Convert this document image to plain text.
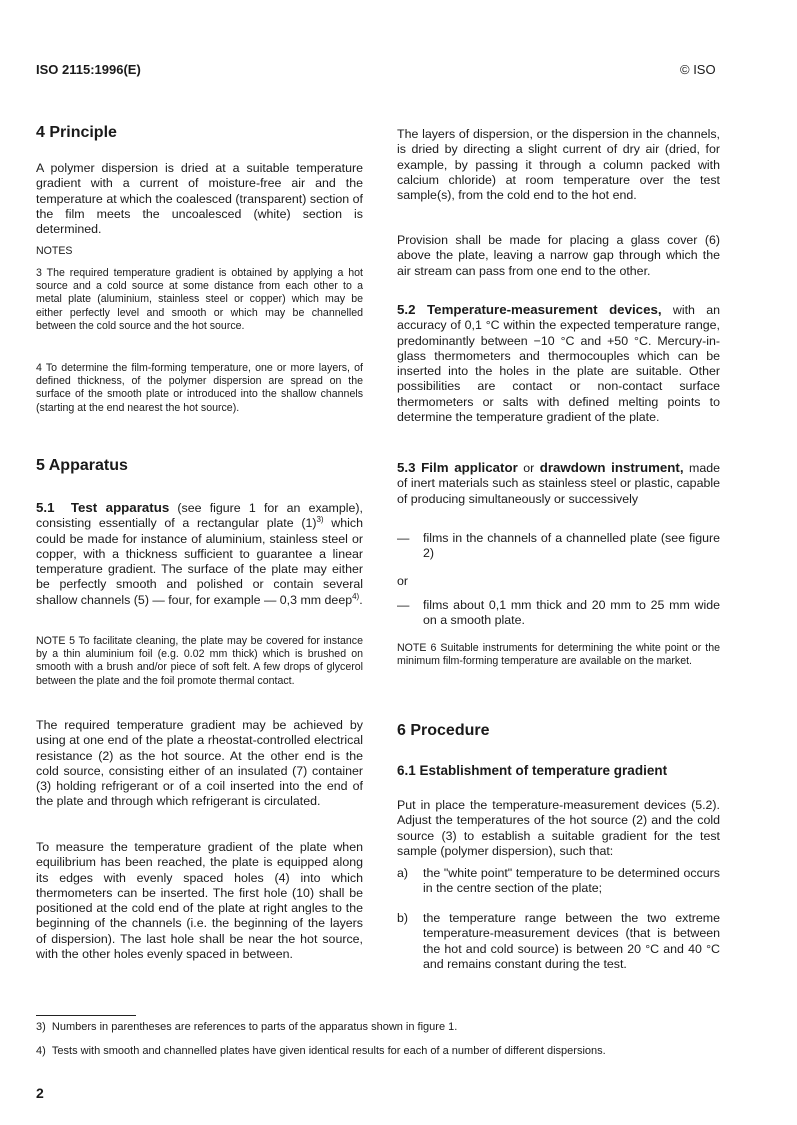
ISO 2115:1996(E)	© ISO
4 Principle

A polymer dispersion is dried at a suitable temperature gradient with a current of moisture-free air and the temperature at which the coalesced (transparent) section of the film meets the uncoalesced (white) section is determined.

NOTES

3 The required temperature gradient is obtained by applying a hot source and a cold source at some distance from each other to a metal plate (aluminium, stainless steel or copper) which may be either perfectly level and smooth or which may be channelled between the cold source and the hot source.

4 To determine the film-forming temperature, one or more layers, of defined thickness, of the polymer dispersion are spread on the surface of the smooth plate or introduced into the shallow channels (starting at the end nearest the hot source).

5 Apparatus

5.1 Test apparatus (see figure 1 for an example), consisting essentially of a rectangular plate $(1)^{3)}$ which could be made for instance of aluminium, stainless steel or copper, with a thickness sufficient to guarantee a linear temperature gradient. The surface of the plate may either be perfectly smooth and polished or contain several shallow channels (5) — four, for example — 0,3 mm deep$^{4)}$.

NOTE 5 To facilitate cleaning, the plate may be covered for instance by a thin aluminium foil (e.g. 0.02 mm thick) which is brushed on smooth with a brush and/or piece of soft felt. A few drops of glycerol between the plate and the foil promote thermal contact.

The required temperature gradient may be achieved by using at one end of the plate a rheostat-controlled electrical resistance (2) as the hot source. At the other end is the cold source, consisting either of an insulated (7) container (3) holding refrigerant or of a coil inserted into the end of the plate and through which refrigerant is circulated.

To measure the temperature gradient of the plate when equilibrium has been reached, the plate is equipped along its edges with evenly spaced holes (4) into which thermometers can be inserted. The first hole (10) shall be positioned at the cold end of the plate at right angles to the beginning of the channels (i.e. the beginning of the layers of dispersion). The last hole shall be near the hot source, with the other holes evenly spaced in between.

The layers of dispersion, or the dispersion in the channels, is dried by directing a slight current of dry air (dried, for example, by passing it through a column packed with calcium chloride) at room temperature over the test sample(s), from the cold end to the hot end.

Provision shall be made for placing a glass cover (6) above the plate, leaving a narrow gap through which the air stream can pass from one end to the other.

5.2 Temperature-measurement devices, with an accuracy of 0,1 °C within the expected temperature range, predominantly between −10 °C and +50 °C. Mercury-in-glass thermometers and thermocouples which can be inserted into the holes in the plate are suitable. Other possibilities are contact or non-contact surface thermometers or salts with defined melting points to determine the temperature gradient of the plate.

5.3 Film applicator or drawdown instrument, made of inert materials such as stainless steel or plastic, capable of producing simultaneously or successively

—	films in the channels of a channelled plate (see figure 2)

or

—	films about 0,1 mm thick and 20 mm to 25 mm wide on a smooth plate.

NOTE 6 Suitable instruments for determining the white point or the minimum film-forming temperature are available on the market.

6 Procedure
6.1 Establishment of temperature gradient

Put in place the temperature-measurement devices (5.2). Adjust the temperatures of the hot source (2) and the cold source (3) to establish a suitable gradient for the test sample (polymer dispersion), such that:

a)	the "white point" temperature to be determined occurs in the centre section of the plate;
b)	the temperature range between the two extreme temperature-measurement devices (that is between the hot and cold source) is between 20 °C and 40 °C and remains constant during the test.
3) Numbers in parentheses are references to parts of the apparatus shown in figure 1.
4) Tests with smooth and channelled plates have given identical results for each of a number of different dispersions.
2
